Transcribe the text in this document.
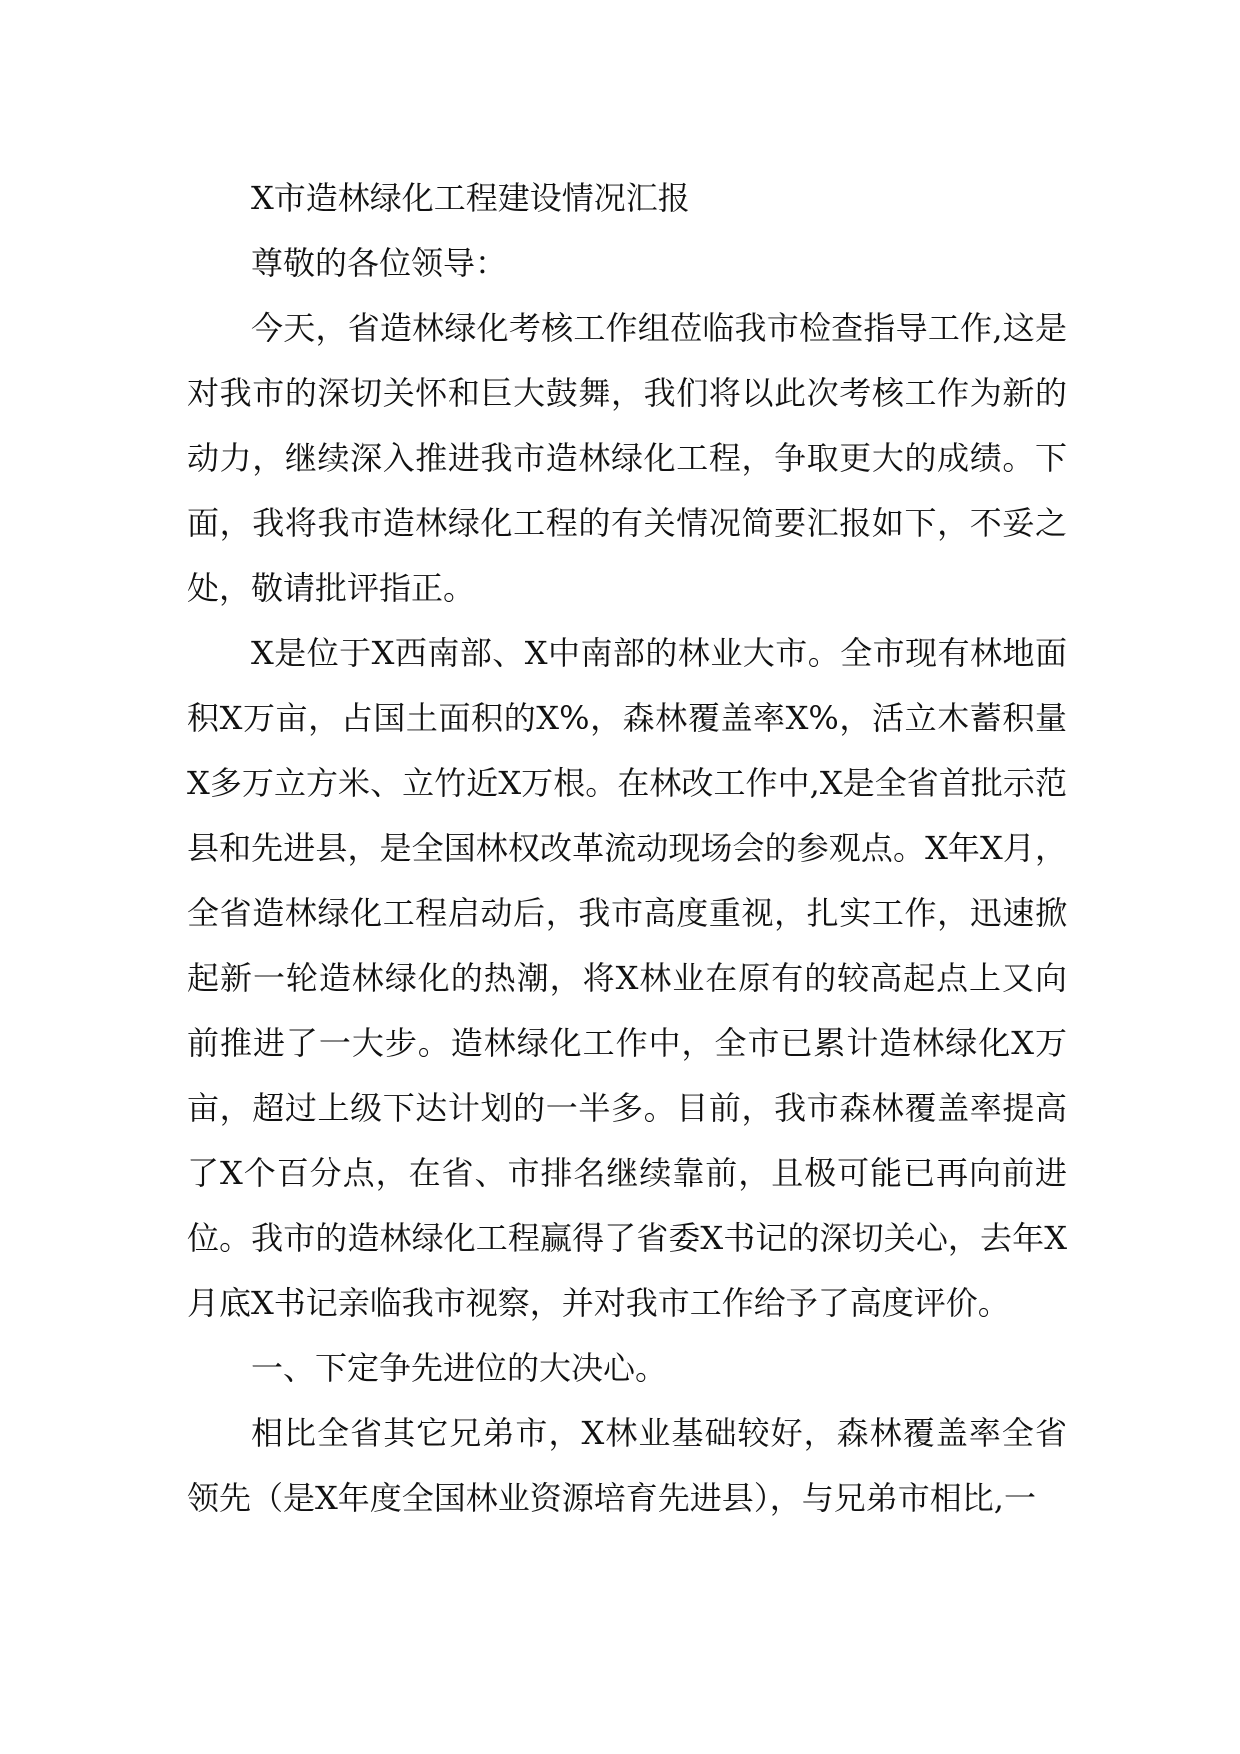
X市造林绿化工程建设情况汇报

尊敬的各位领导：

今天，省造林绿化考核工作组莅临我市检查指导工作,这是对我市的深切关怀和巨大鼓舞，我们将以此次考核工作为新的动力，继续深入推进我市造林绿化工程，争取更大的成绩。下面，我将我市造林绿化工程的有关情况简要汇报如下，不妥之处，敬请批评指正。

X是位于X西南部、X中南部的林业大市。全市现有林地面积X万亩，占国土面积的X%，森林覆盖率X%，活立木蓄积量X多万立方米、立竹近X万根。在林改工作中,X是全省首批示范县和先进县，是全国林权改革流动现场会的参观点。X年X月，全省造林绿化工程启动后，我市高度重视，扎实工作，迅速掀起新一轮造林绿化的热潮，将X林业在原有的较高起点上又向前推进了一大步。造林绿化工作中，全市已累计造林绿化X万亩，超过上级下达计划的一半多。目前，我市森林覆盖率提高了X个百分点，在省、市排名继续靠前，且极可能已再向前进位。我市的造林绿化工程赢得了省委X书记的深切关心，去年X月底X书记亲临我市视察，并对我市工作给予了高度评价。

一、下定争先进位的大决心。

相比全省其它兄弟市，X林业基础较好，森林覆盖率全省领先（是X年度全国林业资源培育先进县），与兄弟市相比,一
